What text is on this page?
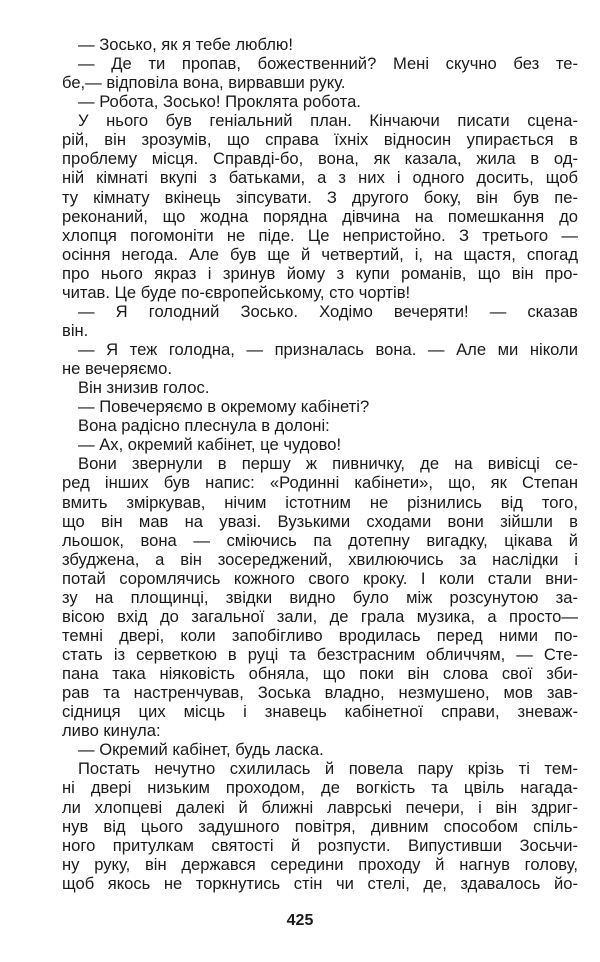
— Зосько, як я тебе люблю!
— Де ти пропав, божественний? Мені скучно без те-
бе,— відповіла вона, вирвавши руку.
— Робота, Зосько! Проклята робота.
У нього був геніальний план. Кінчаючи писати сцена-
рій, він зрозумів, що справа їхніх відносин упирається в
проблему місця. Справді-бо, вона, як казала, жила в од-
ній кімнаті вкупі з батьками, а з них і одного досить, щоб
ту кімнату вкінець зіпсувати. З другого боку, він був пе-
реконаний, що жодна порядна дівчина на помешкання до
хлопця погомоніти не піде. Це непристойно. З третього —
осіння негода. Але був ще й четвертий, і, на щастя, спогад
про нього якраз і зринув йому з купи романів, що він про-
читав. Це буде по-європейському, сто чортів!
— Я голодний Зосько. Ходімо вечеряти! — сказав
він.
— Я теж голодна, — призналась вона. — Але ми ніколи
не вечеряємо.
Він знизив голос.
— Повечеряємо в окремому кабінеті?
Вона радісно плеснула в долоні:
— Ах, окремий кабінет, це чудово!
Вони звернули в першу ж пивничку, де на вивісці се-
ред інших був напис: «Родинні кабінети», що, як Степан
вмить зміркував, нічим істотним не різнились від того,
що він мав на увазі. Вузькими сходами вони зійшли в
льошок, вона — сміючись па дотепну вигадку, цікава й
збуджена, а він зосереджений, хвилюючись за наслідки і
потай соромлячись кожного свого кроку. І коли стали вни-
зу на площинці, звідки видно було між розсунутою за-
вісою вхід до загальної зали, де грала музика, а просто—
темні двері, коли запобігливо вродилась перед ними по-
стать із серветкою в руці та безстрасним обличчям, — Сте-
пана така ніяковість обняла, що поки він слова свої зби-
рав та настренчував, Зоська владно, незмушено, мов зав-
сідниця цих місць і знавець кабінетної справи, зневаж-
ливо кинула:
— Окремий кабінет, будь ласка.
Постать нечутно схилилась й повела пару крізь ті тем-
ні двері низьким проходом, де вогкість та цвіль нагада-
ли хлопцеві далекі й ближні лаврські печери, і він здриг-
нув від цього задушного повітря, дивним способом спіль-
ного притулкам святості й розпусти. Випустивши Зосьчи-
ну руку, він держався середини проходу й нагнув голову,
щоб якось не торкнутись стін чи стелі, де, здавалось йо-
425
